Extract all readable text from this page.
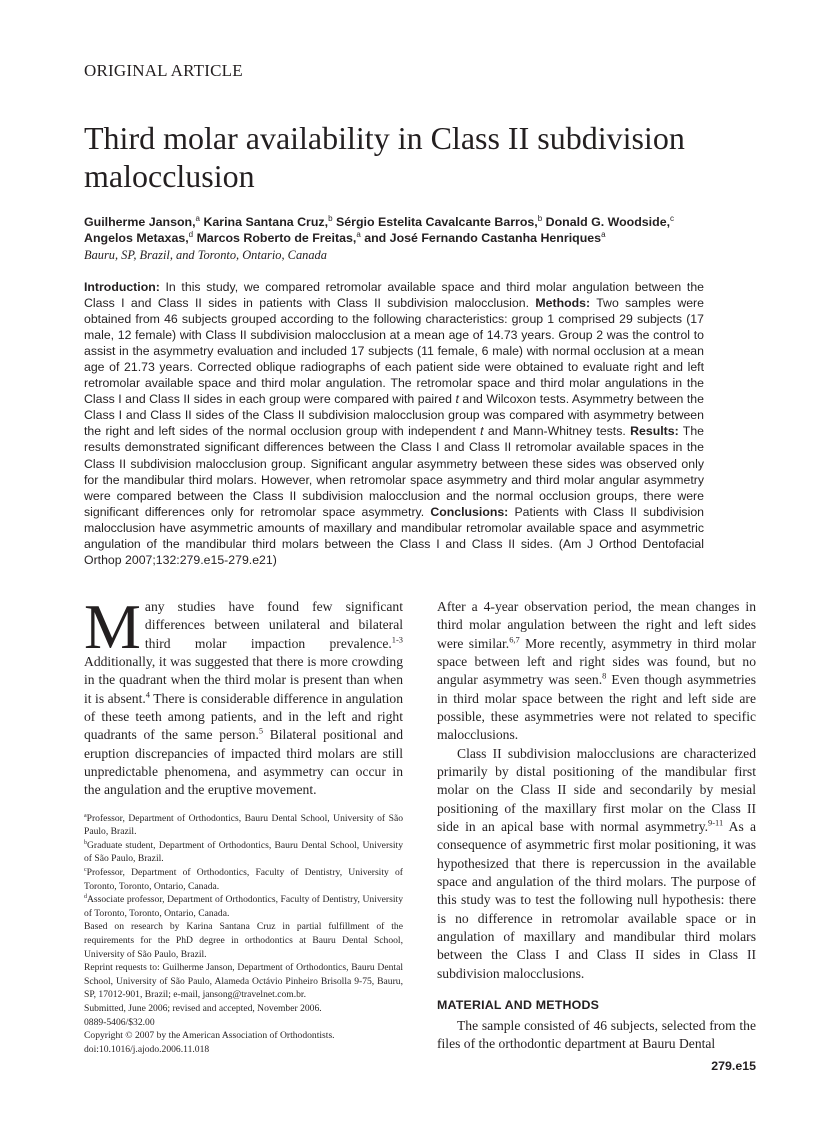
ORIGINAL ARTICLE
Third molar availability in Class II subdivision malocclusion
Guilherme Janson,$^a$ Karina Santana Cruz,$^b$ Sérgio Estelita Cavalcante Barros,$^b$ Donald G. Woodside,$^c$
Angelos Metaxas,$^d$ Marcos Roberto de Freitas,$^a$ and José Fernando Castanha Henriques$^a$
Bauru, SP, Brazil, and Toronto, Ontario, Canada
Introduction: In this study, we compared retromolar available space and third molar angulation between the Class I and Class II sides in patients with Class II subdivision malocclusion. Methods: Two samples were obtained from 46 subjects grouped according to the following characteristics: group 1 comprised 29 subjects (17 male, 12 female) with Class II subdivision malocclusion at a mean age of 14.73 years. Group 2 was the control to assist in the asymmetry evaluation and included 17 subjects (11 female, 6 male) with normal occlusion at a mean age of 21.73 years. Corrected oblique radiographs of each patient side were obtained to evaluate right and left retromolar available space and third molar angulation. The retromolar space and third molar angulations in the Class I and Class II sides in each group were compared with paired t and Wilcoxon tests. Asymmetry between the Class I and Class II sides of the Class II subdivision malocclusion group was compared with asymmetry between the right and left sides of the normal occlusion group with independent t and Mann-Whitney tests. Results: The results demonstrated significant differences between the Class I and Class II retromolar available spaces in the Class II subdivision malocclusion group. Significant angular asymmetry between these sides was observed only for the mandibular third molars. However, when retromolar space asymmetry and third molar angular asymmetry were compared between the Class II subdivision malocclusion and the normal occlusion groups, there were significant differences only for retromolar space asymmetry. Conclusions: Patients with Class II subdivision malocclusion have asymmetric amounts of maxillary and mandibular retromolar available space and asymmetric angulation of the mandibular third molars between the Class I and Class II sides. (Am J Orthod Dentofacial Orthop 2007;132:279.e15-279.e21)

Many studies have found few significant differences between unilateral and bilateral third molar impaction prevalence.$^{1-3}$ Additionally, it was suggested that there is more crowding in the quadrant when the third molar is present than when it is absent.$^4$ There is considerable difference in angulation of these teeth among patients, and in the left and right quadrants of the same person.$^5$ Bilateral positional and eruption discrepancies of impacted third molars are still unpredictable phenomena, and asymmetry can occur in the angulation and the eruptive movement.

$^a$Professor, Department of Orthodontics, Bauru Dental School, University of São Paulo, Brazil.
$^b$Graduate student, Department of Orthodontics, Bauru Dental School, University of São Paulo, Brazil.
$^c$Professor, Department of Orthodontics, Faculty of Dentistry, University of Toronto, Toronto, Ontario, Canada.
$^d$Associate professor, Department of Orthodontics, Faculty of Dentistry, University of Toronto, Toronto, Ontario, Canada.
Based on research by Karina Santana Cruz in partial fulfillment of the requirements for the PhD degree in orthodontics at Bauru Dental School, University of São Paulo, Brazil.
Reprint requests to: Guilherme Janson, Department of Orthodontics, Bauru Dental School, University of São Paulo, Alameda Octávio Pinheiro Brisolla 9-75, Bauru, SP, 17012-901, Brazil; e-mail, jansong@travelnet.com.br.
Submitted, June 2006; revised and accepted, November 2006.
0889-5406/$32.00
Copyright © 2007 by the American Association of Orthodontists.
doi:10.1016/j.ajodo.2006.11.018

After a 4-year observation period, the mean changes in third molar angulation between the right and left sides were similar.$^{6,7}$ More recently, asymmetry in third molar space between left and right sides was found, but no angular asymmetry was seen.$^8$ Even though asymmetries in third molar space between the right and left side are possible, these asymmetries were not related to specific malocclusions.

Class II subdivision malocclusions are characterized primarily by distal positioning of the mandibular first molar on the Class II side and secondarily by mesial positioning of the maxillary first molar on the Class II side in an apical base with normal asymmetry.$^{9-11}$ As a consequence of asymmetric first molar positioning, it was hypothesized that there is repercussion in the available space and angulation of the third molars. The purpose of this study was to test the following null hypothesis: there is no difference in retromolar available space or in angulation of maxillary and mandibular third molars between the Class I and Class II sides in Class II subdivision malocclusions.

MATERIAL AND METHODS

The sample consisted of 46 subjects, selected from the files of the orthodontic department at Bauru Dental

279.e15
